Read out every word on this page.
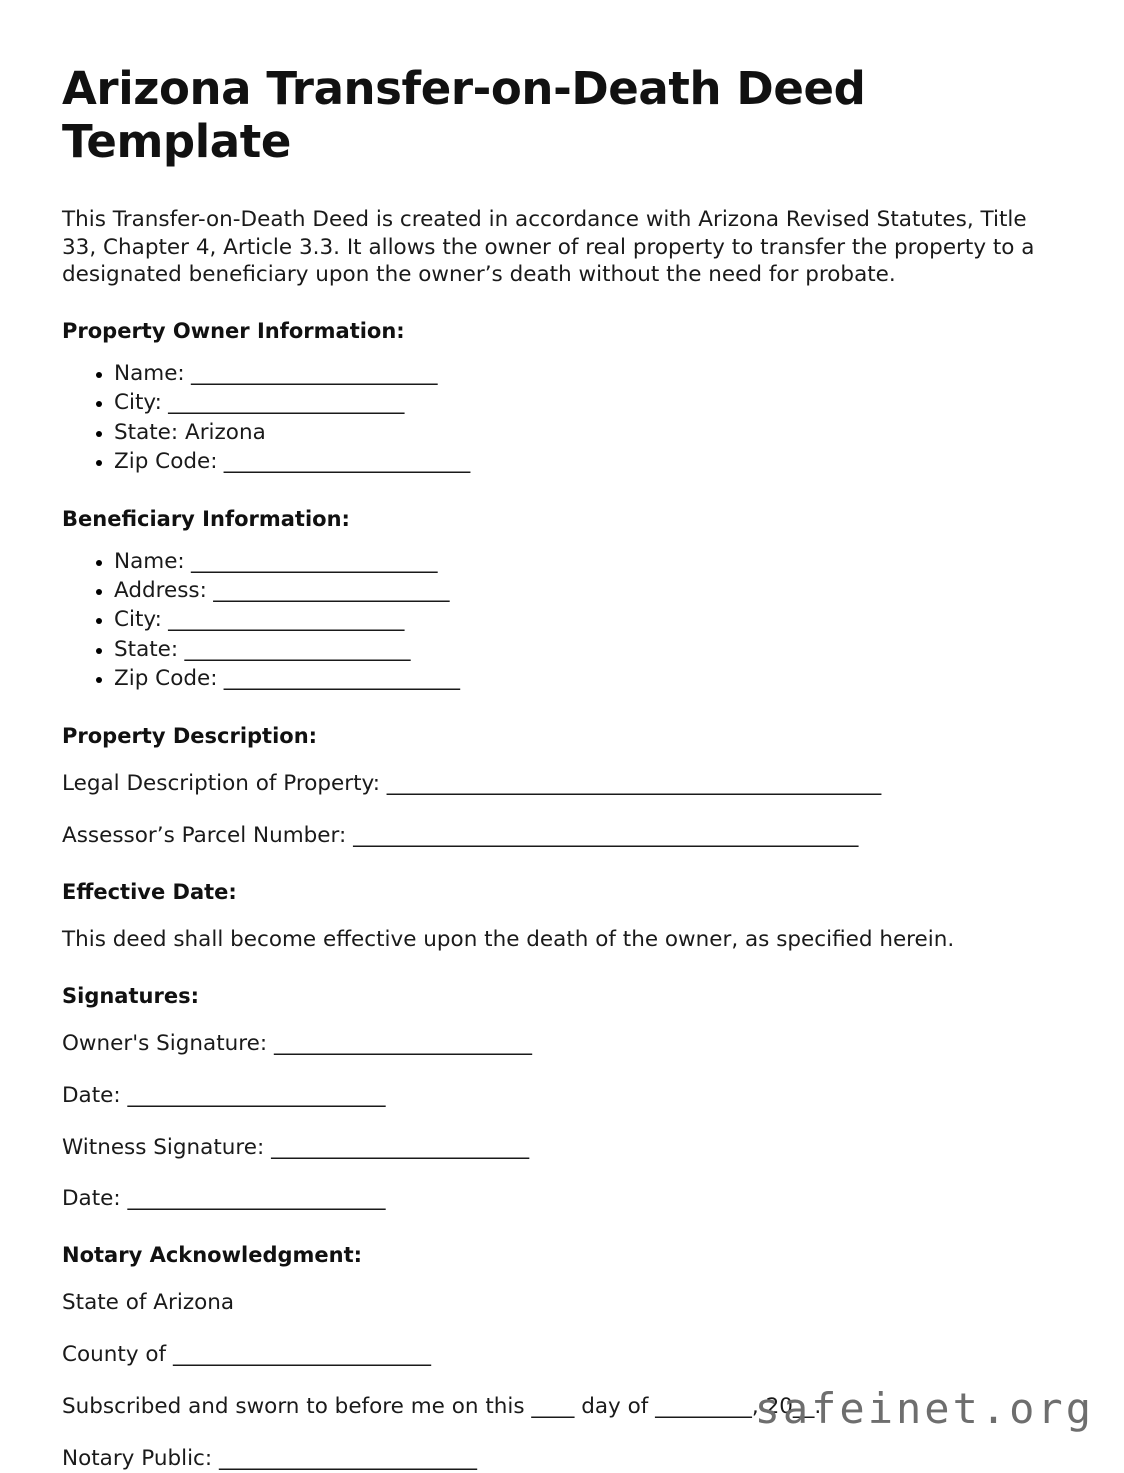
Arizona Transfer-on-Death Deed Template

This Transfer-on-Death Deed is created in accordance with Arizona Revised Statutes, Title 33, Chapter 4, Article 3.3. It allows the owner of real property to transfer the property to a designated beneficiary upon the owner’s death without the need for probate.

Property Owner Information:
Name: ________________________
City: _______________________
State: Arizona
Zip Code: ________________________
Beneficiary Information:
Name: ________________________
Address: _______________________
City: _______________________
State: ______________________
Zip Code: _______________________
Property Description:

Legal Description of Property: ______________________________________________

Assessor’s Parcel Number: _______________________________________________

Effective Date:

This deed shall become effective upon the death of the owner, as specified herein.

Signatures:

Owner's Signature: ________________________

Date: ________________________

Witness Signature: ________________________

Date: ________________________

Notary Acknowledgment:

State of Arizona

County of ________________________

Subscribed and sworn to before me on this ____ day of _________, 20__.

Notary Public: ________________________

safeinet.org
